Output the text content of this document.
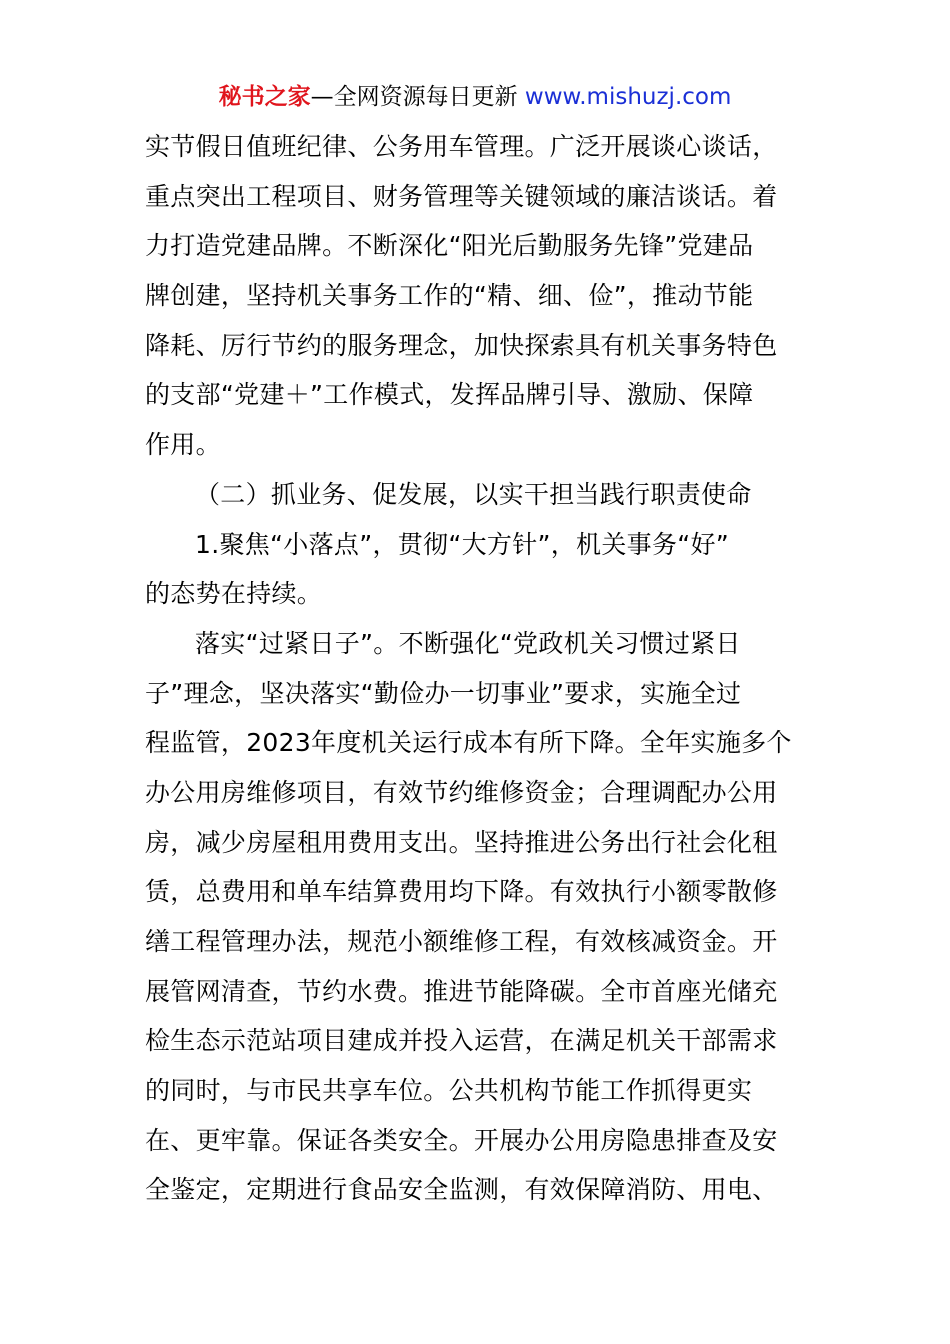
秘书之家—全网资源每日更新 www.mishuzj.com
实节假日值班纪律、公务用车管理。广泛开展谈心谈话，
重点突出工程项目、财务管理等关键领域的廉洁谈话。着
力打造党建品牌。不断深化“阳光后勤服务先锋”党建品
牌创建，坚持机关事务工作的“精、细、俭”，推动节能
降耗、厉行节约的服务理念，加快探索具有机关事务特色
的支部“党建＋”工作模式，发挥品牌引导、激励、保障
作用。
（二）抓业务、促发展，以实干担当践行职责使命
1.聚焦“小落点”，贯彻“大方针”，机关事务“好”
的态势在持续。
落实“过紧日子”。不断强化“党政机关习惯过紧日
子”理念，坚决落实“勤俭办一切事业”要求，实施全过
程监管，2023年度机关运行成本有所下降。全年实施多个
办公用房维修项目，有效节约维修资金；合理调配办公用
房，减少房屋租用费用支出。坚持推进公务出行社会化租
赁，总费用和单车结算费用均下降。有效执行小额零散修
缮工程管理办法，规范小额维修工程，有效核减资金。开
展管网清查，节约水费。推进节能降碳。全市首座光储充
检生态示范站项目建成并投入运营，在满足机关干部需求
的同时，与市民共享车位。公共机构节能工作抓得更实
在、更牢靠。保证各类安全。开展办公用房隐患排查及安
全鉴定，定期进行食品安全监测，有效保障消防、用电、
